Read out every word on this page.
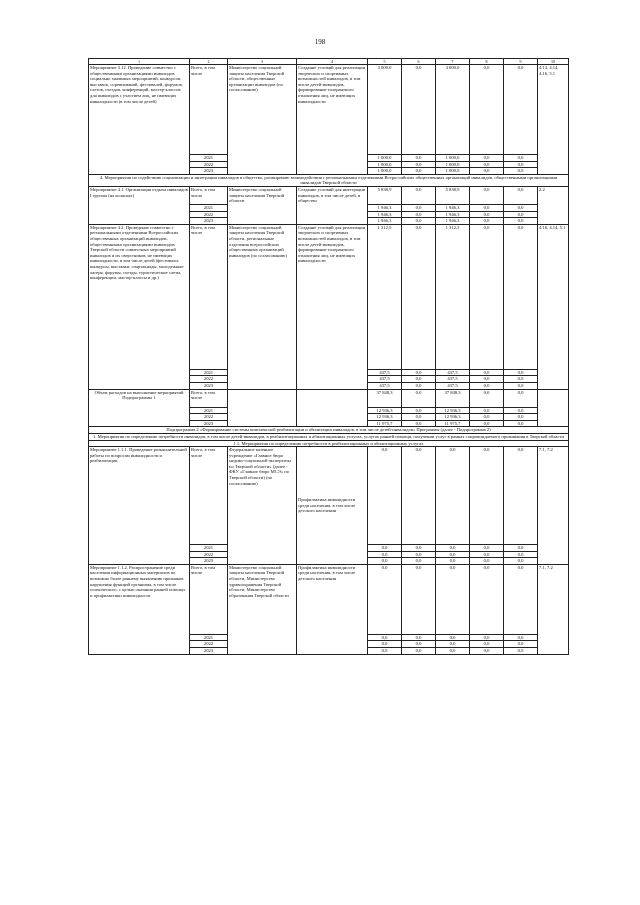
198
1	2	3	4	5	6	7	8	9	10
Мероприятие 3.12. Проведение совместно с общественными организациями инвалидов социально значимых мероприятий, конкурсов, выставок, соревнований, фестивалей, форумов, слетов, съездов, конференций, мастер-классов для инвалидов с участием лиц, не имеющих инвалидности (в том числе детей)	Всего, в том числе	Министерство социальной защиты населения Тверской области, общественные организации инвалидов (по согласованию)	Создание условий для реализации творческих и спортивных возможностей инвалидов, в том числе детей-инвалидов, формирование толерантного отношения лиц, не имеющих инвалидности	3 000,0	0,0	3 000,0	0,0	0,0	4.13, 4.14, 4.16, 5.1
	2021			1 000,0	0,0	1 000,0	0,0	0,0	
	2022			1 000,0	0,0	1 000,0	0,0	0,0	
	2023			1 000,0	0,0	1 000,0	0,0	0,0	
4. Мероприятия по содействию социализации и интеграции инвалидов в общество, расширению взаимодействия с региональными отделениями Всероссийских общественных организаций инвалидов, общественными организациями инвалидов Тверской области									
Мероприятие 4.1. Организация отдыха инвалидов I группы (на колясках)	Всего, в том числе	Министерство социальной защиты населения Тверской области	Создание условий для интеграции инвалидов, в том числе детей, в общество	5 838,9	0,0	5 838,9	0,0	0,0	2.2
	2021			1 946,3	0,0	1 946,3	0,0	0,0	
	2022			1 946,3	0,0	1 946,3	0,0	0,0	
	2023			1 946,3	0,0	1 946,3	0,0	0,0	
Мероприятие 4.2. Проведение совместно с региональными отделениями Всероссийских общественных организаций инвалидов, общественными организациями инвалидов Тверской области совместных мероприятий инвалидов и их сверстников, не имеющих инвалидности, в том числе детей (фестивали, конкурсы, выставки, спартакиады, молодежные лагеря, форумы, съезды, туристические слеты, конференции, мастер-классы и др.)	Всего, в том числе	Министерство социальной защиты населения Тверской области, региональные отделения всероссийских общественных организаций инвалидов (по согласованию)	Создание условий для реализации творческих и спортивных возможностей инвалидов, в том числе детей-инвалидов, формирование толерантного отношения лиц, не имеющих инвалидности	1 312,5	0,0	1 312,5	0,0	0,0	4.16, 4.14, 5.1
	2021			437,5	0,0	437,5	0,0	0,0	
	2022			437,5	0,0	437,5	0,0	0,0	
	2023			437,5	0,0	437,5	0,0	0,0	
Объем расходов на выполнение мероприятий Подпрограммы 1	Всего, в том числе			37 848,3	0,0	37 848,3	0,0	0,0	
	2021			12 936,3	0,0	12 936,3	0,0	0,0	
	2022			12 936,3	0,0	12 936,3	0,0	0,0	
	2023			11 975,7	0,0	11 975,7	0,0	0,0	
Подпрограмма 2 «Формирование системы комплексной реабилитации и абилитации инвалидов, в том числе детей-инвалидов» Программы (далее - Подпрограмма 2)									
1. Мероприятия по определению потребности инвалидов, в том числе детей-инвалидов, в реабилитационных и абилитационных услугах, услугах ранней помощи, получении услуг в рамках сопровождаемого проживания в Тверской области									
1.1. Мероприятия по определению потребности в реабилитационных и абилитационных услугах									
Мероприятие 1.1.1. Проведение разъяснительной работы по вопросам инвалидности и реабилитации	Всего, в том числе	Федеральное казенное учреждение «Главное бюро медико-социальной экспертизы по Тверской области» (далее - ФКУ «Главное бюро МСЭ» по Тверской области) (по согласованию)	Профилактика инвалидности среди населения, в том числе детского населения	0,0	0,0	0,0	0,0	0,0	7.1, 7.2
	2021			0,0	0,0	0,0	0,0	0,0	
	2022			0,0	0,0	0,0	0,0	0,0	
	2023			0,0	0,0	0,0	0,0	0,0	
Мероприятие 1.1.2. Распространение среди населения информационных материалов по возможно более раннему выявлению признаков нарушения функций организма, в том числе психического, с целью оказания ранней помощи и профилактики инвалидности	Всего, в том числе	Министерство социальной защиты населения Тверской области, Министерство здравоохранения Тверской области, Министерство образования Тверской области	Профилактика инвалидности среди населения, в том числе детского населения	0,0	0,0	0,0	0,0	0,0	7.1, 7.2
	2021			0,0	0,0	0,0	0,0	0,0	
	2022			0,0	0,0	0,0	0,0	0,0	
	2023			0,0	0,0	0,0	0,0	0,0	
